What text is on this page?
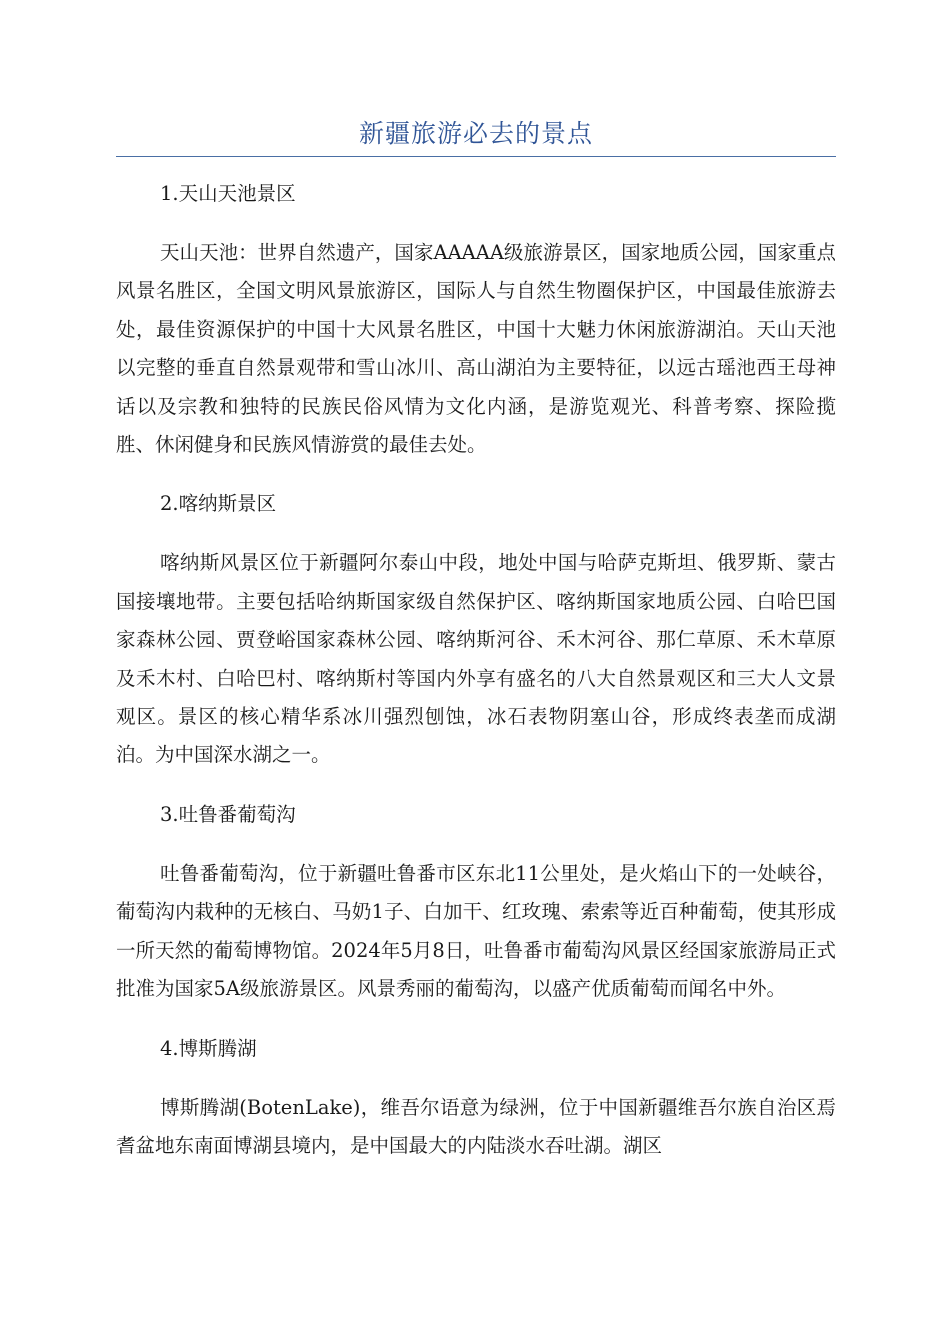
新疆旅游必去的景点

1.天山天池景区

天山天池：世界自然遗产，国家AAAAA级旅游景区，国家地质公园，国家重点风景名胜区，全国文明风景旅游区，国际人与自然生物圈保护区，中国最佳旅游去处，最佳资源保护的中国十大风景名胜区，中国十大魅力休闲旅游湖泊。天山天池以完整的垂直自然景观带和雪山冰川、高山湖泊为主要特征，以远古瑶池西王母神话以及宗教和独特的民族民俗风情为文化内涵，是游览观光、科普考察、探险揽胜、休闲健身和民族风情游赏的最佳去处。

2.喀纳斯景区

喀纳斯风景区位于新疆阿尔泰山中段，地处中国与哈萨克斯坦、俄罗斯、蒙古国接壤地带。主要包括哈纳斯国家级自然保护区、喀纳斯国家地质公园、白哈巴国家森林公园、贾登峪国家森林公园、喀纳斯河谷、禾木河谷、那仁草原、禾木草原及禾木村、白哈巴村、喀纳斯村等国内外享有盛名的八大自然景观区和三大人文景观区。景区的核心精华系冰川强烈刨蚀，冰石表物阴塞山谷，形成终表垄而成湖泊。为中国深水湖之一。

3.吐鲁番葡萄沟

吐鲁番葡萄沟，位于新疆吐鲁番市区东北11公里处，是火焰山下的一处峡谷，葡萄沟内栽种的无核白、马奶1子、白加干、红玫瑰、索索等近百种葡萄，使其形成一所天然的葡萄博物馆。2024年5月8日，吐鲁番市葡萄沟风景区经国家旅游局正式批准为国家5A级旅游景区。风景秀丽的葡萄沟，以盛产优质葡萄而闻名中外。

4.博斯腾湖

博斯腾湖(BotenLake)，维吾尔语意为绿洲，位于中国新疆维吾尔族自治区焉耆盆地东南面博湖县境内，是中国最大的内陆淡水吞吐湖。湖区
